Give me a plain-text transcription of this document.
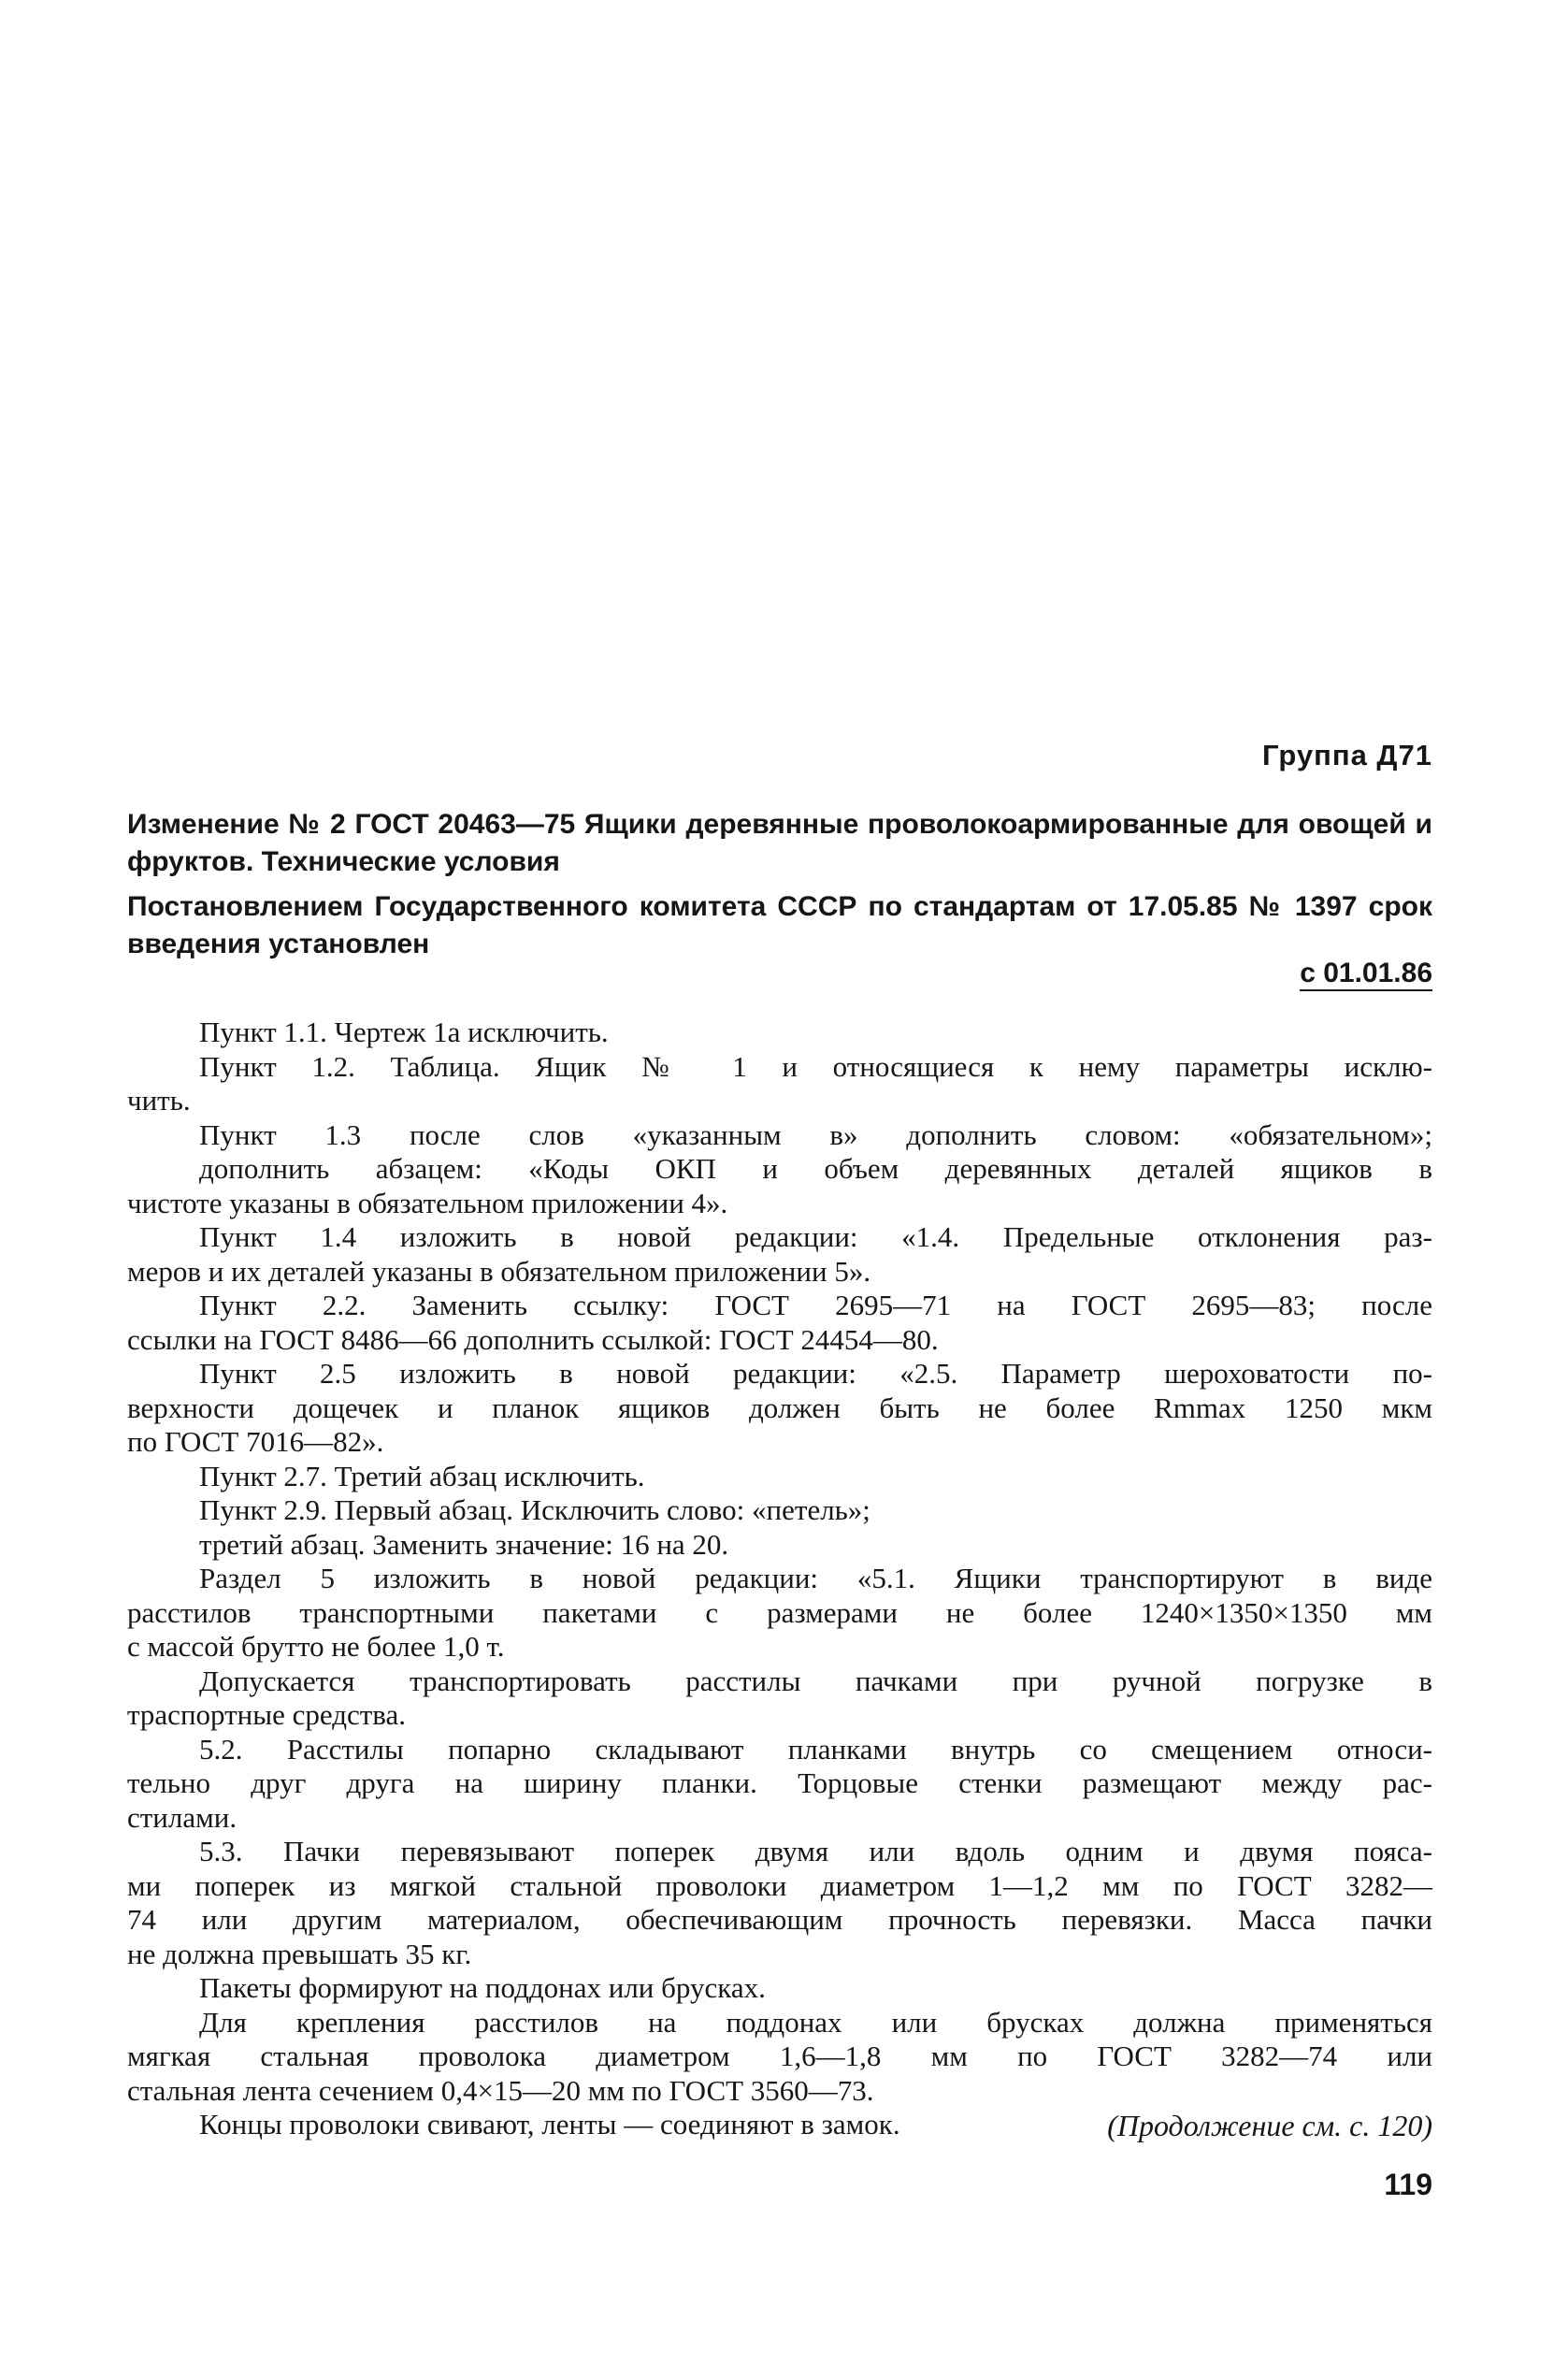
Группа Д71
Изменение № 2 ГОСТ 20463—75 Ящики деревянные проволокоармированные для овощей и фруктов. Технические условия
Постановлением Государственного комитета СССР по стандартам от 17.05.85 № 1397 срок введения установлен
с 01.01.86
Пункт 1.1. Чертеж 1а исключить.
Пункт 1.2. Таблица. Ящик № 1 и относящиеся к нему параметры исклю-
чить.
Пункт 1.3 после слов «указанным в» дополнить словом: «обязательном»;
дополнить абзацем: «Коды ОКП и объем деревянных деталей ящиков в
чистоте указаны в обязательном приложении 4».
Пункт 1.4 изложить в новой редакции: «1.4. Предельные отклонения раз-
меров и их деталей указаны в обязательном приложении 5».
Пункт 2.2. Заменить ссылку: ГОСТ 2695—71 на ГОСТ 2695—83; после
ссылки на ГОСТ 8486—66 дополнить ссылкой: ГОСТ 24454—80.
Пункт 2.5 изложить в новой редакции: «2.5. Параметр шероховатости по-
верхности дощечек и планок ящиков должен быть не более Rmmax 1250 мкм
по ГОСТ 7016—82».
Пункт 2.7. Третий абзац исключить.
Пункт 2.9. Первый абзац. Исключить слово: «петель»;
третий абзац. Заменить значение: 16 на 20.
Раздел 5 изложить в новой редакции: «5.1. Ящики транспортируют в виде
расстилов транспортными пакетами с размерами не более 1240×1350×1350 мм
с массой брутто не более 1,0 т.
Допускается транспортировать расстилы пачками при ручной погрузке в
траспортные средства.
5.2. Расстилы попарно складывают планками внутрь со смещением относи-
тельно друг друга на ширину планки. Торцовые стенки размещают между рас-
стилами.
5.3. Пачки перевязывают поперек двумя или вдоль одним и двумя пояса-
ми поперек из мягкой стальной проволоки диаметром 1—1,2 мм по ГОСТ 3282—
74 или другим материалом, обеспечивающим прочность перевязки. Масса пачки
не должна превышать 35 кг.
Пакеты формируют на поддонах или брусках.
Для крепления расстилов на поддонах или брусках должна применяться
мягкая стальная проволока диаметром 1,6—1,8 мм по ГОСТ 3282—74 или
стальная лента сечением 0,4×15—20 мм по ГОСТ 3560—73.
Концы проволоки свивают, ленты — соединяют в замок.	(Продолжение см. с. 120)
119
